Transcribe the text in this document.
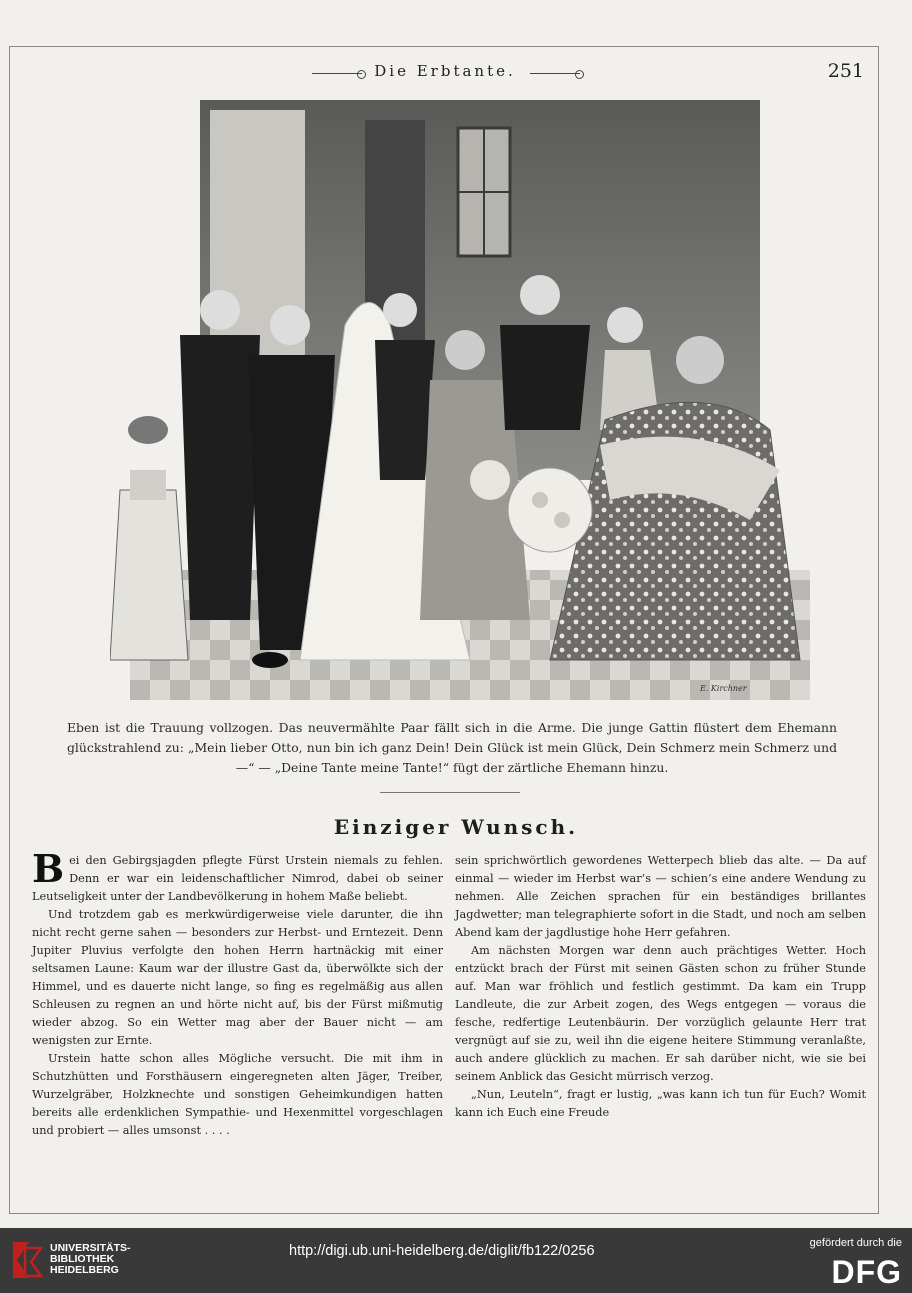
Die Erbtante.	251
E. Kirchner
Eben ist die Trauung vollzogen. Das neuvermählte Paar fällt sich in die Arme. Die junge Gattin flüstert dem Ehemann glückstrahlend zu: „Mein lieber Otto, nun bin ich ganz Dein! Dein Glück ist mein Glück, Dein Schmerz mein Schmerz und —“ — „Deine Tante meine Tante!“ fügt der zärtliche Ehemann hinzu.
Einziger Wunsch.

Bei den Gebirgsjagden pflegte Fürst Urstein niemals zu fehlen. Denn er war ein leidenschaftlicher Nimrod, dabei ob seiner Leutseligkeit unter der Landbevölkerung in hohem Maße beliebt.

Und trotzdem gab es merkwürdigerweise viele darunter, die ihn nicht recht gerne sahen — besonders zur Herbst- und Erntezeit. Denn Jupiter Pluvius verfolgte den hohen Herrn hartnäckig mit einer seltsamen Laune: Kaum war der illustre Gast da, überwölkte sich der Himmel, und es dauerte nicht lange, so fing es regelmäßig aus allen Schleusen zu regnen an und hörte nicht auf, bis der Fürst mißmutig wieder abzog. So ein Wetter mag aber der Bauer nicht — am wenigsten zur Ernte.

Urstein hatte schon alles Mögliche versucht. Die mit ihm in Schutzhütten und Forsthäusern eingeregneten alten Jäger, Treiber, Wurzelgräber, Holzknechte und sonstigen Geheimkundigen hatten bereits alle erdenklichen Sympathie- und Hexenmittel vorgeschlagen und probiert — alles umsonst . . . .

sein sprichwörtlich gewordenes Wetterpech blieb das alte. — Da auf einmal — wieder im Herbst war’s — schien’s eine andere Wendung zu nehmen. Alle Zeichen sprachen für ein beständiges brillantes Jagdwetter; man telegraphierte sofort in die Stadt, und noch am selben Abend kam der jagdlustige hohe Herr gefahren.

Am nächsten Morgen war denn auch prächtiges Wetter. Hoch entzückt brach der Fürst mit seinen Gästen schon zu früher Stunde auf. Man war fröhlich und festlich gestimmt. Da kam ein Trupp Landleute, die zur Arbeit zogen, des Wegs entgegen — voraus die fesche, redfertige Leutenbäurin. Der vorzüglich gelaunte Herr trat vergnügt auf sie zu, weil ihn die eigene heitere Stimmung veranlaßte, auch andere glücklich zu machen. Er sah darüber nicht, wie sie bei seinem Anblick das Gesicht mürrisch verzog.

„Nun, Leuteln“, fragt er lustig, „was kann ich tun für Euch? Womit kann ich Euch eine Freude

UNIVERSITÄTS-
BIBLIOTHEK
HEIDELBERG
http://digi.ub.uni-heidelberg.de/diglit/fb122/0256	gefördert durch die
DFG
